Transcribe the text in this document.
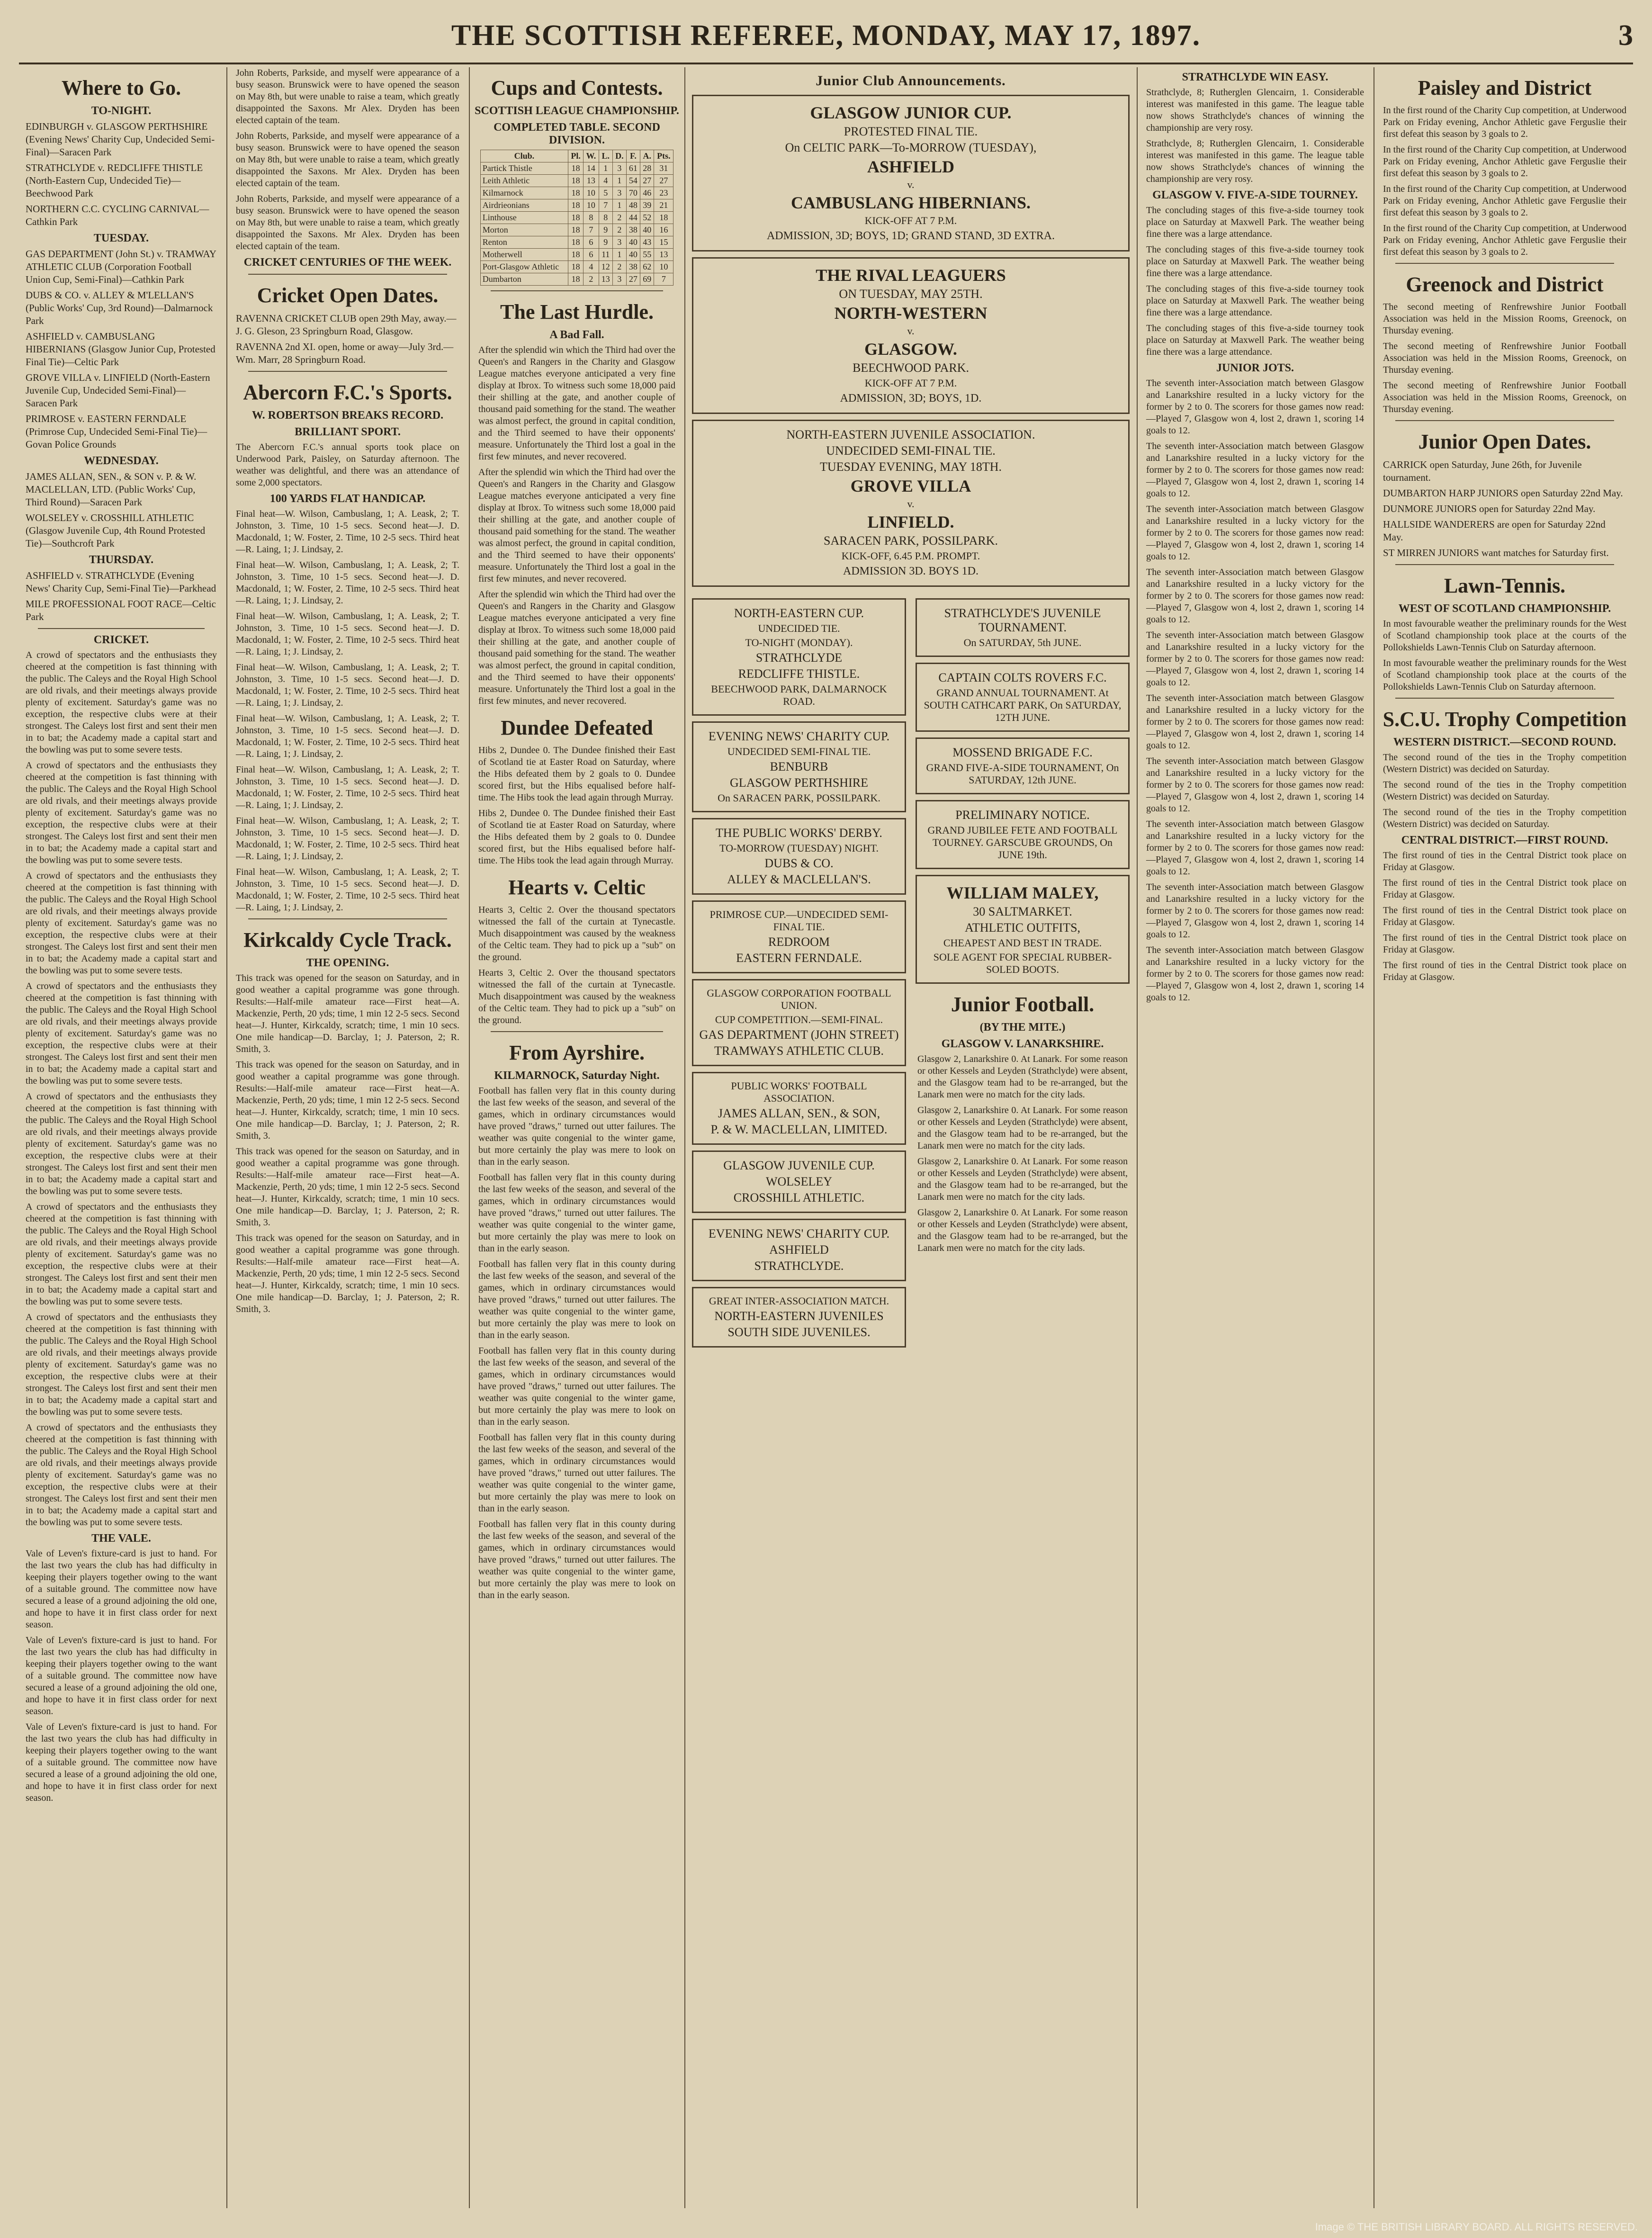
THE SCOTTISH REFEREE, MONDAY, MAY 17, 1897.	3
Where to Go.
TO-NIGHT.
EDINBURGH v. GLASGOW PERTHSHIRE (Evening News' Charity Cup, Undecided Semi-Final)—Saracen Park
STRATHCLYDE v. REDCLIFFE THISTLE (North-Eastern Cup, Undecided Tie)—Beechwood Park
NORTHERN C.C. CYCLING CARNIVAL—Cathkin Park
TUESDAY.
GAS DEPARTMENT (John St.) v. TRAMWAY ATHLETIC CLUB (Corporation Football Union Cup, Semi-Final)—Cathkin Park
DUBS & CO. v. ALLEY & M'LELLAN'S (Public Works' Cup, 3rd Round)—Dalmarnock Park
ASHFIELD v. CAMBUSLANG HIBERNIANS (Glasgow Junior Cup, Protested Final Tie)—Celtic Park
GROVE VILLA v. LINFIELD (North-Eastern Juvenile Cup, Undecided Semi-Final)—Saracen Park
PRIMROSE v. EASTERN FERNDALE (Primrose Cup, Undecided Semi-Final Tie)—Govan Police Grounds
WEDNESDAY.
JAMES ALLAN, SEN., & SON v. P. & W. MACLELLAN, LTD. (Public Works' Cup, Third Round)—Saracen Park
WOLSELEY v. CROSSHILL ATHLETIC (Glasgow Juvenile Cup, 4th Round Protested Tie)—Southcroft Park
THURSDAY.
ASHFIELD v. STRATHCLYDE (Evening News' Charity Cup, Semi-Final Tie)—Parkhead
MILE PROFESSIONAL FOOT RACE—Celtic Park
CRICKET.

A crowd of spectators and the enthusiasts they cheered at the competition is fast thinning with the public. The Caleys and the Royal High School are old rivals, and their meetings always provide plenty of excitement. Saturday's game was no exception, the respective clubs were at their strongest. The Caleys lost first and sent their men in to bat; the Academy made a capital start and the bowling was put to some severe tests.

A crowd of spectators and the enthusiasts they cheered at the competition is fast thinning with the public. The Caleys and the Royal High School are old rivals, and their meetings always provide plenty of excitement. Saturday's game was no exception, the respective clubs were at their strongest. The Caleys lost first and sent their men in to bat; the Academy made a capital start and the bowling was put to some severe tests.

A crowd of spectators and the enthusiasts they cheered at the competition is fast thinning with the public. The Caleys and the Royal High School are old rivals, and their meetings always provide plenty of excitement. Saturday's game was no exception, the respective clubs were at their strongest. The Caleys lost first and sent their men in to bat; the Academy made a capital start and the bowling was put to some severe tests.

A crowd of spectators and the enthusiasts they cheered at the competition is fast thinning with the public. The Caleys and the Royal High School are old rivals, and their meetings always provide plenty of excitement. Saturday's game was no exception, the respective clubs were at their strongest. The Caleys lost first and sent their men in to bat; the Academy made a capital start and the bowling was put to some severe tests.

A crowd of spectators and the enthusiasts they cheered at the competition is fast thinning with the public. The Caleys and the Royal High School are old rivals, and their meetings always provide plenty of excitement. Saturday's game was no exception, the respective clubs were at their strongest. The Caleys lost first and sent their men in to bat; the Academy made a capital start and the bowling was put to some severe tests.

A crowd of spectators and the enthusiasts they cheered at the competition is fast thinning with the public. The Caleys and the Royal High School are old rivals, and their meetings always provide plenty of excitement. Saturday's game was no exception, the respective clubs were at their strongest. The Caleys lost first and sent their men in to bat; the Academy made a capital start and the bowling was put to some severe tests.

A crowd of spectators and the enthusiasts they cheered at the competition is fast thinning with the public. The Caleys and the Royal High School are old rivals, and their meetings always provide plenty of excitement. Saturday's game was no exception, the respective clubs were at their strongest. The Caleys lost first and sent their men in to bat; the Academy made a capital start and the bowling was put to some severe tests.

A crowd of spectators and the enthusiasts they cheered at the competition is fast thinning with the public. The Caleys and the Royal High School are old rivals, and their meetings always provide plenty of excitement. Saturday's game was no exception, the respective clubs were at their strongest. The Caleys lost first and sent their men in to bat; the Academy made a capital start and the bowling was put to some severe tests.

THE VALE.

Vale of Leven's fixture-card is just to hand. For the last two years the club has had difficulty in keeping their players together owing to the want of a suitable ground. The committee now have secured a lease of a ground adjoining the old one, and hope to have it in first class order for next season.

Vale of Leven's fixture-card is just to hand. For the last two years the club has had difficulty in keeping their players together owing to the want of a suitable ground. The committee now have secured a lease of a ground adjoining the old one, and hope to have it in first class order for next season.

Vale of Leven's fixture-card is just to hand. For the last two years the club has had difficulty in keeping their players together owing to the want of a suitable ground. The committee now have secured a lease of a ground adjoining the old one, and hope to have it in first class order for next season.

John Roberts, Parkside, and myself were appearance of a busy season. Brunswick were to have opened the season on May 8th, but were unable to raise a team, which greatly disappointed the Saxons. Mr Alex. Dryden has been elected captain of the team.

John Roberts, Parkside, and myself were appearance of a busy season. Brunswick were to have opened the season on May 8th, but were unable to raise a team, which greatly disappointed the Saxons. Mr Alex. Dryden has been elected captain of the team.

John Roberts, Parkside, and myself were appearance of a busy season. Brunswick were to have opened the season on May 8th, but were unable to raise a team, which greatly disappointed the Saxons. Mr Alex. Dryden has been elected captain of the team.

CRICKET CENTURIES OF THE WEEK.
Cricket Open Dates.
RAVENNA CRICKET CLUB open 29th May, away.—J. G. Gleson, 23 Springburn Road, Glasgow.
RAVENNA 2nd XI. open, home or away—July 3rd.—Wm. Marr, 28 Springburn Road.
Abercorn F.C.'s Sports.
W. ROBERTSON BREAKS RECORD.
BRILLIANT SPORT.

The Abercorn F.C.'s annual sports took place on Underwood Park, Paisley, on Saturday afternoon. The weather was delightful, and there was an attendance of some 2,000 spectators.

100 YARDS FLAT HANDICAP.

Final heat—W. Wilson, Cambuslang, 1; A. Leask, 2; T. Johnston, 3. Time, 10 1-5 secs. Second heat—J. D. Macdonald, 1; W. Foster, 2. Time, 10 2-5 secs. Third heat—R. Laing, 1; J. Lindsay, 2.

Final heat—W. Wilson, Cambuslang, 1; A. Leask, 2; T. Johnston, 3. Time, 10 1-5 secs. Second heat—J. D. Macdonald, 1; W. Foster, 2. Time, 10 2-5 secs. Third heat—R. Laing, 1; J. Lindsay, 2.

Final heat—W. Wilson, Cambuslang, 1; A. Leask, 2; T. Johnston, 3. Time, 10 1-5 secs. Second heat—J. D. Macdonald, 1; W. Foster, 2. Time, 10 2-5 secs. Third heat—R. Laing, 1; J. Lindsay, 2.

Final heat—W. Wilson, Cambuslang, 1; A. Leask, 2; T. Johnston, 3. Time, 10 1-5 secs. Second heat—J. D. Macdonald, 1; W. Foster, 2. Time, 10 2-5 secs. Third heat—R. Laing, 1; J. Lindsay, 2.

Final heat—W. Wilson, Cambuslang, 1; A. Leask, 2; T. Johnston, 3. Time, 10 1-5 secs. Second heat—J. D. Macdonald, 1; W. Foster, 2. Time, 10 2-5 secs. Third heat—R. Laing, 1; J. Lindsay, 2.

Final heat—W. Wilson, Cambuslang, 1; A. Leask, 2; T. Johnston, 3. Time, 10 1-5 secs. Second heat—J. D. Macdonald, 1; W. Foster, 2. Time, 10 2-5 secs. Third heat—R. Laing, 1; J. Lindsay, 2.

Final heat—W. Wilson, Cambuslang, 1; A. Leask, 2; T. Johnston, 3. Time, 10 1-5 secs. Second heat—J. D. Macdonald, 1; W. Foster, 2. Time, 10 2-5 secs. Third heat—R. Laing, 1; J. Lindsay, 2.

Final heat—W. Wilson, Cambuslang, 1; A. Leask, 2; T. Johnston, 3. Time, 10 1-5 secs. Second heat—J. D. Macdonald, 1; W. Foster, 2. Time, 10 2-5 secs. Third heat—R. Laing, 1; J. Lindsay, 2.

Kirkcaldy Cycle Track.
THE OPENING.

This track was opened for the season on Saturday, and in good weather a capital programme was gone through. Results:—Half-mile amateur race—First heat—A. Mackenzie, Perth, 20 yds; time, 1 min 12 2-5 secs. Second heat—J. Hunter, Kirkcaldy, scratch; time, 1 min 10 secs. One mile handicap—D. Barclay, 1; J. Paterson, 2; R. Smith, 3.

This track was opened for the season on Saturday, and in good weather a capital programme was gone through. Results:—Half-mile amateur race—First heat—A. Mackenzie, Perth, 20 yds; time, 1 min 12 2-5 secs. Second heat—J. Hunter, Kirkcaldy, scratch; time, 1 min 10 secs. One mile handicap—D. Barclay, 1; J. Paterson, 2; R. Smith, 3.

This track was opened for the season on Saturday, and in good weather a capital programme was gone through. Results:—Half-mile amateur race—First heat—A. Mackenzie, Perth, 20 yds; time, 1 min 12 2-5 secs. Second heat—J. Hunter, Kirkcaldy, scratch; time, 1 min 10 secs. One mile handicap—D. Barclay, 1; J. Paterson, 2; R. Smith, 3.

This track was opened for the season on Saturday, and in good weather a capital programme was gone through. Results:—Half-mile amateur race—First heat—A. Mackenzie, Perth, 20 yds; time, 1 min 12 2-5 secs. Second heat—J. Hunter, Kirkcaldy, scratch; time, 1 min 10 secs. One mile handicap—D. Barclay, 1; J. Paterson, 2; R. Smith, 3.

Cups and Contests.
SCOTTISH LEAGUE CHAMPIONSHIP.
COMPLETED TABLE. SECOND DIVISION.
Club.	Pl.	W.	L.	D.	F.	A.	Pts.
Partick Thistle	18	14	1	3	61	28	31
Leith Athletic	18	13	4	1	54	27	27
Kilmarnock	18	10	5	3	70	46	23
Airdrieonians	18	10	7	1	48	39	21
Linthouse	18	8	8	2	44	52	18
Morton	18	7	9	2	38	40	16
Renton	18	6	9	3	40	43	15
Motherwell	18	6	11	1	40	55	13
Port-Glasgow Athletic	18	4	12	2	38	62	10
Dumbarton	18	2	13	3	27	69	7
The Last Hurdle.
A Bad Fall.

After the splendid win which the Third had over the Queen's and Rangers in the Charity and Glasgow League matches everyone anticipated a very fine display at Ibrox. To witness such some 18,000 paid their shilling at the gate, and another couple of thousand paid something for the stand. The weather was almost perfect, the ground in capital condition, and the Third seemed to have their opponents' measure. Unfortunately the Third lost a goal in the first few minutes, and never recovered.

After the splendid win which the Third had over the Queen's and Rangers in the Charity and Glasgow League matches everyone anticipated a very fine display at Ibrox. To witness such some 18,000 paid their shilling at the gate, and another couple of thousand paid something for the stand. The weather was almost perfect, the ground in capital condition, and the Third seemed to have their opponents' measure. Unfortunately the Third lost a goal in the first few minutes, and never recovered.

After the splendid win which the Third had over the Queen's and Rangers in the Charity and Glasgow League matches everyone anticipated a very fine display at Ibrox. To witness such some 18,000 paid their shilling at the gate, and another couple of thousand paid something for the stand. The weather was almost perfect, the ground in capital condition, and the Third seemed to have their opponents' measure. Unfortunately the Third lost a goal in the first few minutes, and never recovered.

Dundee Defeated

Hibs 2, Dundee 0. The Dundee finished their East of Scotland tie at Easter Road on Saturday, where the Hibs defeated them by 2 goals to 0. Dundee scored first, but the Hibs equalised before half-time. The Hibs took the lead again through Murray.

Hibs 2, Dundee 0. The Dundee finished their East of Scotland tie at Easter Road on Saturday, where the Hibs defeated them by 2 goals to 0. Dundee scored first, but the Hibs equalised before half-time. The Hibs took the lead again through Murray.

Hearts v. Celtic

Hearts 3, Celtic 2. Over the thousand spectators witnessed the fall of the curtain at Tynecastle. Much disappointment was caused by the weakness of the Celtic team. They had to pick up a "sub" on the ground.

Hearts 3, Celtic 2. Over the thousand spectators witnessed the fall of the curtain at Tynecastle. Much disappointment was caused by the weakness of the Celtic team. They had to pick up a "sub" on the ground.

From Ayrshire.
KILMARNOCK, Saturday Night.

Football has fallen very flat in this county during the last few weeks of the season, and several of the games, which in ordinary circumstances would have proved "draws," turned out utter failures. The weather was quite congenial to the winter game, but more certainly the play was mere to look on than in the early season.

Football has fallen very flat in this county during the last few weeks of the season, and several of the games, which in ordinary circumstances would have proved "draws," turned out utter failures. The weather was quite congenial to the winter game, but more certainly the play was mere to look on than in the early season.

Football has fallen very flat in this county during the last few weeks of the season, and several of the games, which in ordinary circumstances would have proved "draws," turned out utter failures. The weather was quite congenial to the winter game, but more certainly the play was mere to look on than in the early season.

Football has fallen very flat in this county during the last few weeks of the season, and several of the games, which in ordinary circumstances would have proved "draws," turned out utter failures. The weather was quite congenial to the winter game, but more certainly the play was mere to look on than in the early season.

Football has fallen very flat in this county during the last few weeks of the season, and several of the games, which in ordinary circumstances would have proved "draws," turned out utter failures. The weather was quite congenial to the winter game, but more certainly the play was mere to look on than in the early season.

Football has fallen very flat in this county during the last few weeks of the season, and several of the games, which in ordinary circumstances would have proved "draws," turned out utter failures. The weather was quite congenial to the winter game, but more certainly the play was mere to look on than in the early season.

Junior Club Announcements.
GLASGOW JUNIOR CUP.
PROTESTED FINAL TIE.
On CELTIC PARK—To-MORROW (TUESDAY),
ASHFIELD
v.
CAMBUSLANG HIBERNIANS.
KICK-OFF AT 7 P.M.
ADMISSION, 3D; BOYS, 1D; GRAND STAND, 3D EXTRA.
THE RIVAL LEAGUERS
ON TUESDAY, MAY 25TH.
NORTH-WESTERN
v.
GLASGOW.
BEECHWOOD PARK.
KICK-OFF AT 7 P.M.
ADMISSION, 3D; BOYS, 1D.
NORTH-EASTERN JUVENILE ASSOCIATION.
UNDECIDED SEMI-FINAL TIE.
TUESDAY EVENING, MAY 18TH.
GROVE VILLA
v.
LINFIELD.
SARACEN PARK, POSSILPARK.
KICK-OFF, 6.45 P.M. PROMPT.
ADMISSION 3D. BOYS 1D.
NORTH-EASTERN CUP.
UNDECIDED TIE.
TO-NIGHT (MONDAY).
STRATHCLYDE
REDCLIFFE THISTLE.
BEECHWOOD PARK, DALMARNOCK ROAD.
EVENING NEWS' CHARITY CUP.
UNDECIDED SEMI-FINAL TIE.
BENBURB
GLASGOW PERTHSHIRE
On SARACEN PARK, POSSILPARK.
THE PUBLIC WORKS' DERBY.
TO-MORROW (TUESDAY) NIGHT.
DUBS & CO.
ALLEY & MACLELLAN'S.
PRIMROSE CUP.—UNDECIDED SEMI-FINAL TIE.
REDROOM
EASTERN FERNDALE.
GLASGOW CORPORATION FOOTBALL UNION.
CUP COMPETITION.—SEMI-FINAL.
GAS DEPARTMENT (JOHN STREET)
TRAMWAYS ATHLETIC CLUB.
PUBLIC WORKS' FOOTBALL ASSOCIATION.
JAMES ALLAN, SEN., & SON,
P. & W. MACLELLAN, LIMITED.
GLASGOW JUVENILE CUP.
WOLSELEY
CROSSHILL ATHLETIC.
EVENING NEWS' CHARITY CUP.
ASHFIELD
STRATHCLYDE.
GREAT INTER-ASSOCIATION MATCH.
NORTH-EASTERN JUVENILES
SOUTH SIDE JUVENILES.
STRATHCLYDE'S JUVENILE TOURNAMENT.
On SATURDAY, 5th JUNE.
CAPTAIN COLTS ROVERS F.C.
GRAND ANNUAL TOURNAMENT. At SOUTH CATHCART PARK, On SATURDAY, 12TH JUNE.
MOSSEND BRIGADE F.C.
GRAND FIVE-A-SIDE TOURNAMENT, On SATURDAY, 12th JUNE.
PRELIMINARY NOTICE.
GRAND JUBILEE FETE AND FOOTBALL TOURNEY. GARSCUBE GROUNDS, On JUNE 19th.
WILLIAM MALEY,
30 SALTMARKET.
ATHLETIC OUTFITS,
CHEAPEST AND BEST IN TRADE.
SOLE AGENT FOR SPECIAL RUBBER-SOLED BOOTS.
Junior Football.
(BY THE MITE.)
GLASGOW V. LANARKSHIRE.

Glasgow 2, Lanarkshire 0. At Lanark. For some reason or other Kessels and Leyden (Strathclyde) were absent, and the Glasgow team had to be re-arranged, but the Lanark men were no match for the city lads.

Glasgow 2, Lanarkshire 0. At Lanark. For some reason or other Kessels and Leyden (Strathclyde) were absent, and the Glasgow team had to be re-arranged, but the Lanark men were no match for the city lads.

Glasgow 2, Lanarkshire 0. At Lanark. For some reason or other Kessels and Leyden (Strathclyde) were absent, and the Glasgow team had to be re-arranged, but the Lanark men were no match for the city lads.

Glasgow 2, Lanarkshire 0. At Lanark. For some reason or other Kessels and Leyden (Strathclyde) were absent, and the Glasgow team had to be re-arranged, but the Lanark men were no match for the city lads.

STRATHCLYDE WIN EASY.

Strathclyde, 8; Rutherglen Glencairn, 1. Considerable interest was manifested in this game. The league table now shows Strathclyde's chances of winning the championship are very rosy.

Strathclyde, 8; Rutherglen Glencairn, 1. Considerable interest was manifested in this game. The league table now shows Strathclyde's chances of winning the championship are very rosy.

GLASGOW V. FIVE-A-SIDE TOURNEY.

The concluding stages of this five-a-side tourney took place on Saturday at Maxwell Park. The weather being fine there was a large attendance.

The concluding stages of this five-a-side tourney took place on Saturday at Maxwell Park. The weather being fine there was a large attendance.

The concluding stages of this five-a-side tourney took place on Saturday at Maxwell Park. The weather being fine there was a large attendance.

The concluding stages of this five-a-side tourney took place on Saturday at Maxwell Park. The weather being fine there was a large attendance.

JUNIOR JOTS.

The seventh inter-Association match between Glasgow and Lanarkshire resulted in a lucky victory for the former by 2 to 0. The scorers for those games now read:—Played 7, Glasgow won 4, lost 2, drawn 1, scoring 14 goals to 12.

The seventh inter-Association match between Glasgow and Lanarkshire resulted in a lucky victory for the former by 2 to 0. The scorers for those games now read:—Played 7, Glasgow won 4, lost 2, drawn 1, scoring 14 goals to 12.

The seventh inter-Association match between Glasgow and Lanarkshire resulted in a lucky victory for the former by 2 to 0. The scorers for those games now read:—Played 7, Glasgow won 4, lost 2, drawn 1, scoring 14 goals to 12.

The seventh inter-Association match between Glasgow and Lanarkshire resulted in a lucky victory for the former by 2 to 0. The scorers for those games now read:—Played 7, Glasgow won 4, lost 2, drawn 1, scoring 14 goals to 12.

The seventh inter-Association match between Glasgow and Lanarkshire resulted in a lucky victory for the former by 2 to 0. The scorers for those games now read:—Played 7, Glasgow won 4, lost 2, drawn 1, scoring 14 goals to 12.

The seventh inter-Association match between Glasgow and Lanarkshire resulted in a lucky victory for the former by 2 to 0. The scorers for those games now read:—Played 7, Glasgow won 4, lost 2, drawn 1, scoring 14 goals to 12.

The seventh inter-Association match between Glasgow and Lanarkshire resulted in a lucky victory for the former by 2 to 0. The scorers for those games now read:—Played 7, Glasgow won 4, lost 2, drawn 1, scoring 14 goals to 12.

The seventh inter-Association match between Glasgow and Lanarkshire resulted in a lucky victory for the former by 2 to 0. The scorers for those games now read:—Played 7, Glasgow won 4, lost 2, drawn 1, scoring 14 goals to 12.

The seventh inter-Association match between Glasgow and Lanarkshire resulted in a lucky victory for the former by 2 to 0. The scorers for those games now read:—Played 7, Glasgow won 4, lost 2, drawn 1, scoring 14 goals to 12.

The seventh inter-Association match between Glasgow and Lanarkshire resulted in a lucky victory for the former by 2 to 0. The scorers for those games now read:—Played 7, Glasgow won 4, lost 2, drawn 1, scoring 14 goals to 12.

Paisley and District

In the first round of the Charity Cup competition, at Underwood Park on Friday evening, Anchor Athletic gave Ferguslie their first defeat this season by 3 goals to 2.

In the first round of the Charity Cup competition, at Underwood Park on Friday evening, Anchor Athletic gave Ferguslie their first defeat this season by 3 goals to 2.

In the first round of the Charity Cup competition, at Underwood Park on Friday evening, Anchor Athletic gave Ferguslie their first defeat this season by 3 goals to 2.

In the first round of the Charity Cup competition, at Underwood Park on Friday evening, Anchor Athletic gave Ferguslie their first defeat this season by 3 goals to 2.

Greenock and District

The second meeting of Renfrewshire Junior Football Association was held in the Mission Rooms, Greenock, on Thursday evening.

The second meeting of Renfrewshire Junior Football Association was held in the Mission Rooms, Greenock, on Thursday evening.

The second meeting of Renfrewshire Junior Football Association was held in the Mission Rooms, Greenock, on Thursday evening.

Junior Open Dates.
CARRICK open Saturday, June 26th, for Juvenile tournament.
DUMBARTON HARP JUNIORS open Saturday 22nd May.
DUNMORE JUNIORS open for Saturday 22nd May.
HALLSIDE WANDERERS are open for Saturday 22nd May.
ST MIRREN JUNIORS want matches for Saturday first.
Lawn-Tennis.
WEST OF SCOTLAND CHAMPIONSHIP.

In most favourable weather the preliminary rounds for the West of Scotland championship took place at the courts of the Pollokshields Lawn-Tennis Club on Saturday afternoon.

In most favourable weather the preliminary rounds for the West of Scotland championship took place at the courts of the Pollokshields Lawn-Tennis Club on Saturday afternoon.

S.C.U. Trophy Competition
WESTERN DISTRICT.—SECOND ROUND.

The second round of the ties in the Trophy competition (Western District) was decided on Saturday.

The second round of the ties in the Trophy competition (Western District) was decided on Saturday.

The second round of the ties in the Trophy competition (Western District) was decided on Saturday.

CENTRAL DISTRICT.—FIRST ROUND.

The first round of ties in the Central District took place on Friday at Glasgow.

The first round of ties in the Central District took place on Friday at Glasgow.

The first round of ties in the Central District took place on Friday at Glasgow.

The first round of ties in the Central District took place on Friday at Glasgow.

The first round of ties in the Central District took place on Friday at Glasgow.

Image © THE BRITISH LIBRARY BOARD. ALL RIGHTS RESERVED.
